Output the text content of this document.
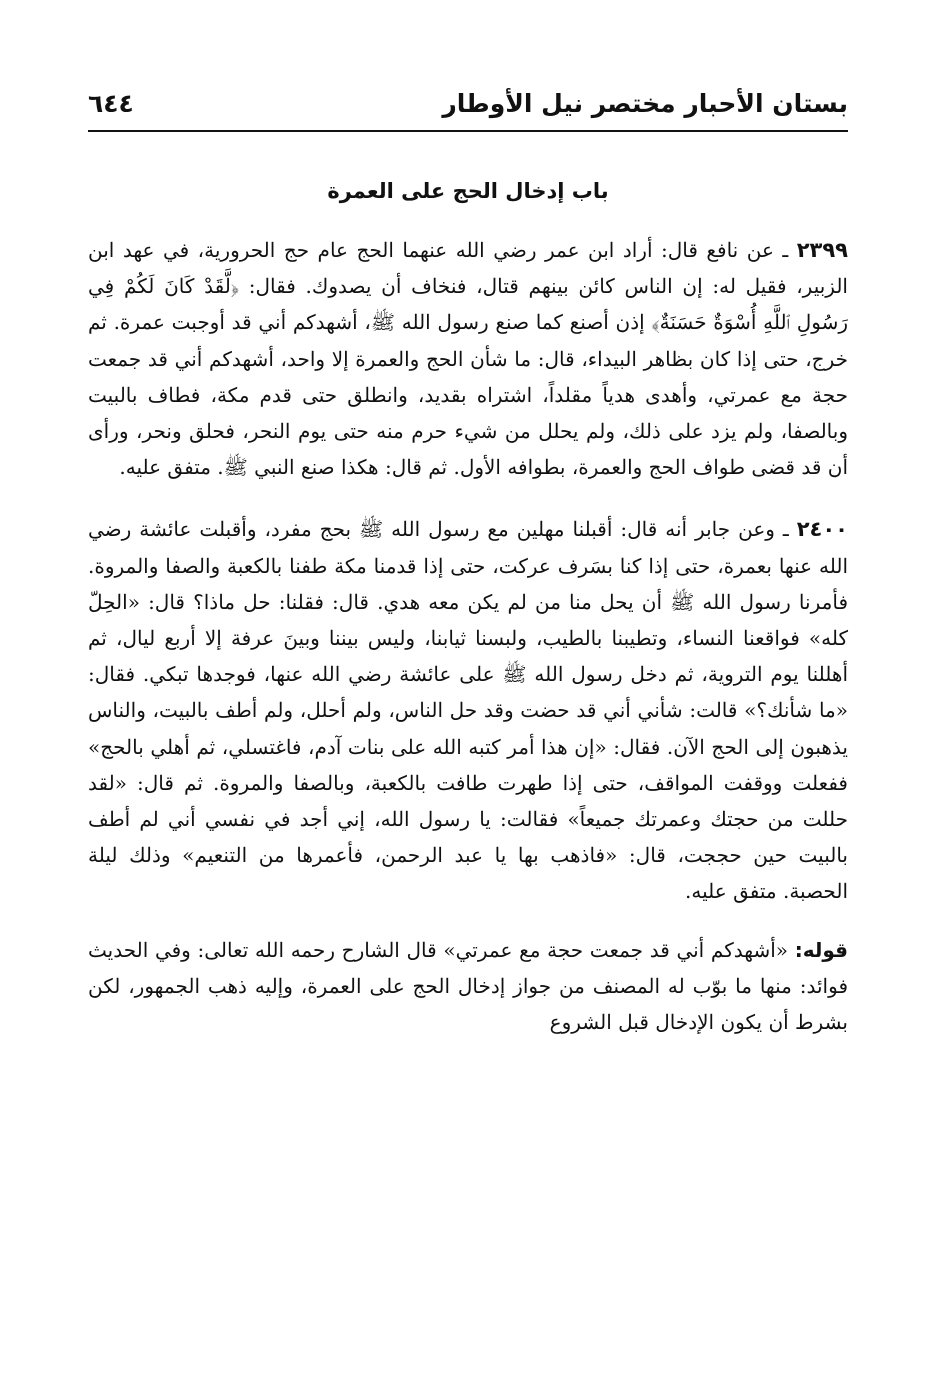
بستان الأحبار مختصر نيل الأوطار
٦٤٤
باب إدخال الحج على العمرة

٢٣٩٩ ـ عن نافع قال: أراد ابن عمر رضي الله عنهما الحج عام حج الحرورية، في عهد ابن الزبير، فقيل له: إن الناس كائن بينهم قتال، فنخاف أن يصدوك. فقال: ﴿لَّقَدْ كَانَ لَكُمْ فِي رَسُولِ ٱللَّهِ أُسْوَةٌ حَسَنَةٌ﴾ إذن أصنع كما صنع رسول الله ﷺ، أشهدكم أني قد أوجبت عمرة. ثم خرج، حتى إذا كان بظاهر البيداء، قال: ما شأن الحج والعمرة إلا واحد، أشهدكم أني قد جمعت حجة مع عمرتي، وأهدى هدياً مقلداً، اشتراه بقديد، وانطلق حتى قدم مكة، فطاف بالبيت وبالصفا، ولم يزد على ذلك، ولم يحلل من شيء حرم منه حتى يوم النحر، فحلق ونحر، ورأى أن قد قضى طواف الحج والعمرة، بطوافه الأول. ثم قال: هكذا صنع النبي ﷺ. متفق عليه.

٢٤٠٠ ـ وعن جابر أنه قال: أقبلنا مهلين مع رسول الله ﷺ بحج مفرد، وأقبلت عائشة رضي الله عنها بعمرة، حتى إذا كنا بسَرف عركت، حتى إذا قدمنا مكة طفنا بالكعبة والصفا والمروة. فأمرنا رسول الله ﷺ أن يحل منا من لم يكن معه هدي. قال: فقلنا: حل ماذا؟ قال: «الحِلّ كله» فواقعنا النساء، وتطيبنا بالطيب، ولبسنا ثيابنا، وليس بيننا وبينَ عرفة إلا أربع ليال، ثم أهللنا يوم التروية، ثم دخل رسول الله ﷺ على عائشة رضي الله عنها، فوجدها تبكي. فقال: «ما شأنك؟» قالت: شأني أني قد حضت وقد حل الناس، ولم أحلل، ولم أطف بالبيت، والناس يذهبون إلى الحج الآن. فقال: «إن هذا أمر كتبه الله على بنات آدم، فاغتسلي، ثم أهلي بالحج» ففعلت ووقفت المواقف، حتى إذا طهرت طافت بالكعبة، وبالصفا والمروة. ثم قال: «لقد حللت من حجتك وعمرتك جميعاً» فقالت: يا رسول الله، إني أجد في نفسي أني لم أطف بالبيت حين حججت، قال: «فاذهب بها يا عبد الرحمن، فأعمرها من التنعيم» وذلك ليلة الحصبة. متفق عليه.

قوله: «أشهدكم أني قد جمعت حجة مع عمرتي» قال الشارح رحمه الله تعالى: وفي الحديث فوائد: منها ما بوّب له المصنف من جواز إدخال الحج على العمرة، وإليه ذهب الجمهور، لكن بشرط أن يكون الإدخال قبل الشروع
